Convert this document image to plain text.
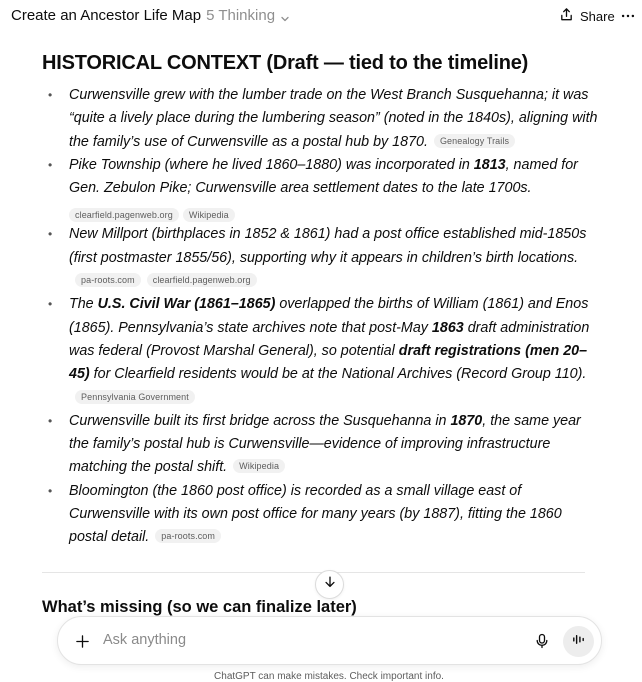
Create an Ancestor Life Map 5 Thinking	Share
HISTORICAL CONTEXT (Draft — tied to the timeline)
• Curwensville grew with the lumber trade on the West Branch Susquehanna; it was “quite a lively place during the lumbering season” (noted in the 1840s), aligning with the family’s use of Curwensville as a postal hub by 1870. Genealogy Trails
• Pike Township (where he lived 1860–1880) was incorporated in 1813, named for Gen. Zebulon Pike; Curwensville area settlement dates to the late 1700s.
clearfield.pagenweb.org Wikipedia
• New Millport (birthplaces in 1852 & 1861) had a post office established mid-1850s (first postmaster 1855/56), supporting why it appears in children’s birth locations.pa-roots.com clearfield.pagenweb.org
• The U.S. Civil War (1861–1865) overlapped the births of William (1861) and Enos (1865). Pennsylvania’s state archives note that post-May 1863 draft administration was federal (Provost Marshal General), so potential draft registrations (men 20–45) for Clearfield residents would be at the National Archives (Record Group 110).Pennsylvania Government
• Curwensville built its first bridge across the Susquehanna in 1870, the same year the family’s postal hub is Curwensville—evidence of improving infrastructure matching the postal shift. Wikipedia
• Bloomington (the 1860 post office) is recorded as a small village east of Curwensville with its own post office for many years (by 1887), fitting the 1860 postal detail. pa-roots.com
What’s missing (so we can finalize later)
Ask anything
ChatGPT can make mistakes. Check important info.
